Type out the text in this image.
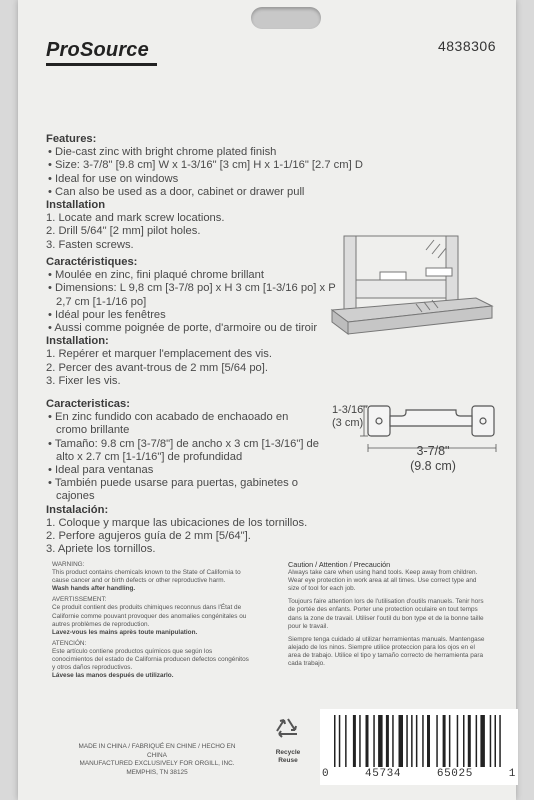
ProSource	4838306
Features:
• Die-cast zinc with bright chrome plated finish
• Size: 3-7/8" [9.8 cm] W x 1-3/16" [3 cm] H x 1-1/16" [2.7 cm] D
• Ideal for use on windows
• Can also be used as a door, cabinet or drawer pull
Installation
1. Locate and mark screw locations.
2. Drill 5/64" [2 mm] pilot holes.
3. Fasten screws.
Caractéristiques:
• Moulée en zinc, fini plaqué chrome brillant
• Dimensions: L 9,8 cm [3-7/8 po] x H 3 cm [1-3/16 po] x P 2,7 cm [1-1/16 po]
• Idéal pour les fenêtres
• Aussi comme poignée de porte, d'armoire ou de tiroir
Installation:
1. Repérer et marquer l'emplacement des vis.
2. Percer des avant-trous de 2 mm [5/64 po].
3. Fixer les vis.
Caracteristicas:
• En zinc fundido con acabado de enchaoado en cromo brillante
• Tamaño: 9.8 cm [3-7/8"] de ancho x 3 cm [1-3/16"] de alto x 2.7 cm [1-1/16"] de profundidad
• Ideal para ventanas
• También puede usarse para puertas, gabinetes o cajones
Instalación:
1. Coloque y marque las ubicaciones de los tornillos.
2. Perfore agujeros guía de 2 mm [5/64"].
3. Apriete los tornillos.
1-3/16"
(3 cm)
3-7/8"
(9.8 cm)
WARNING:
This product contains chemicals known to the State of California to cause cancer and or birth defects or other reproductive harm.
Wash hands after handling.
AVERTISSEMENT:
Ce produit contient des produits chimiques reconnus dans l'État de Californie comme pouvant provoquer des anomalies congénitales ou autres problèmes de reproduction.
Lavez-vous les mains après toute manipulation.
ATENCIÓN:
Este artículo contiene productos químicos que según los conocimientos del estado de California producen defectos congénitos y otros daños reproductivos.
Lávese las manos después de utilizarlo.
Caution / Attention / Precaución
Always take care when using hand tools. Keep away from children. Wear eye protection in work area at all times. Use correct type and size of tool for each job.
Toujours faire attention lors de l'utilisation d'outils manuels. Tenir hors de portée des enfants. Porter une protection oculaire en tout temps dans la zone de travail. Utiliser l'outil du bon type et de la bonne taille pour le travail.
Siempre tenga cuidado al utilizar herramientas manuals. Mantengase alejado de los ninos. Siempre utilice proteccion para los ojos en el area de trabajo. Utilice el tipo y tamaño correcto de herramienta para cada trabajo.
MADE IN CHINA / FABRIQUÉ EN CHINE / HECHO EN CHINA
MANUFACTURED EXCLUSIVELY FOR ORGILL, INC.
MEMPHIS, TN 38125
Recycle
Reuse
0	45734	65025	1
